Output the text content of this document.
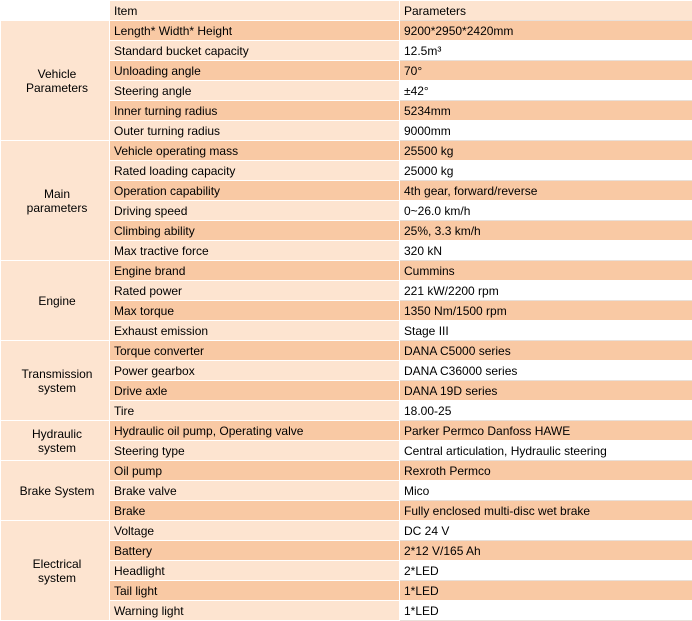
	Item	Parameters
Vehicle
Parameters	Length* Width* Height	9200*2950*2420mm
	Standard bucket capacity	12.5m³
	Unloading angle	70°
	Steering angle	±42°
	Inner turning radius	5234mm
	Outer turning radius	9000mm
Main
parameters	Vehicle operating mass	25500 kg
	Rated loading capacity	25000 kg
	Operation capability	4th gear, forward/reverse
	Driving speed	0~26.0 km/h
	Climbing ability	25%, 3.3 km/h
	Max tractive force	320 kN
Engine	Engine brand	Cummins
	Rated power	221 kW/2200 rpm
	Max torque	1350 Nm/1500 rpm
	Exhaust emission	Stage III
Transmission
system	Torque converter	DANA C5000 series
	Power gearbox	DANA C36000 series
	Drive axle	DANA 19D series
	Tire	18.00-25
Hydraulic
system	Hydraulic oil pump, Operating valve	Parker Permco Danfoss HAWE
	Steering type	Central articulation, Hydraulic steering
Brake System	Oil pump	Rexroth Permco
	Brake valve	Mico
	Brake	Fully enclosed multi-disc wet brake
Electrical
system	Voltage	DC 24 V
	Battery	2*12 V/165 Ah
	Headlight	2*LED
	Tail light	1*LED
	Warning light	1*LED
